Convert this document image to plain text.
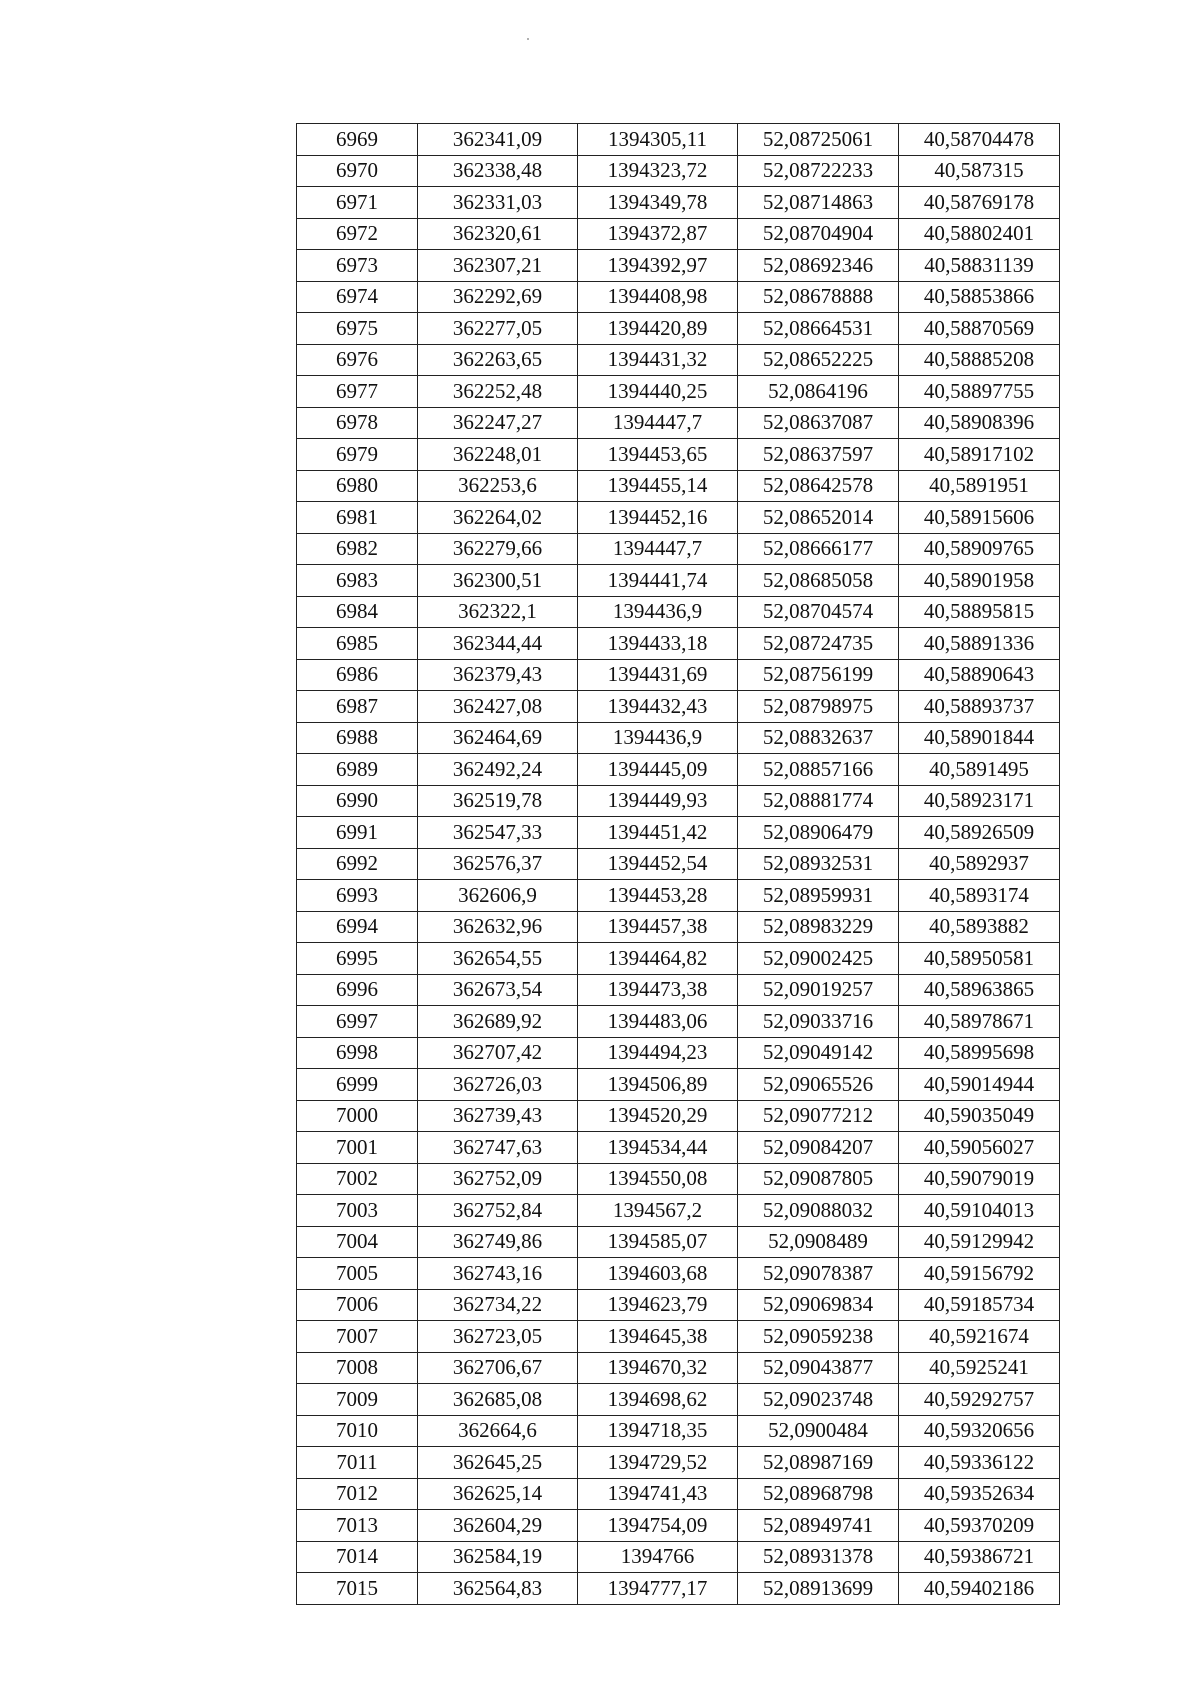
6969	362341,09	1394305,11	52,08725061	40,58704478
6970	362338,48	1394323,72	52,08722233	40,587315
6971	362331,03	1394349,78	52,08714863	40,58769178
6972	362320,61	1394372,87	52,08704904	40,58802401
6973	362307,21	1394392,97	52,08692346	40,58831139
6974	362292,69	1394408,98	52,08678888	40,58853866
6975	362277,05	1394420,89	52,08664531	40,58870569
6976	362263,65	1394431,32	52,08652225	40,58885208
6977	362252,48	1394440,25	52,0864196	40,58897755
6978	362247,27	1394447,7	52,08637087	40,58908396
6979	362248,01	1394453,65	52,08637597	40,58917102
6980	362253,6	1394455,14	52,08642578	40,5891951
6981	362264,02	1394452,16	52,08652014	40,58915606
6982	362279,66	1394447,7	52,08666177	40,58909765
6983	362300,51	1394441,74	52,08685058	40,58901958
6984	362322,1	1394436,9	52,08704574	40,58895815
6985	362344,44	1394433,18	52,08724735	40,58891336
6986	362379,43	1394431,69	52,08756199	40,58890643
6987	362427,08	1394432,43	52,08798975	40,58893737
6988	362464,69	1394436,9	52,08832637	40,58901844
6989	362492,24	1394445,09	52,08857166	40,5891495
6990	362519,78	1394449,93	52,08881774	40,58923171
6991	362547,33	1394451,42	52,08906479	40,58926509
6992	362576,37	1394452,54	52,08932531	40,5892937
6993	362606,9	1394453,28	52,08959931	40,5893174
6994	362632,96	1394457,38	52,08983229	40,5893882
6995	362654,55	1394464,82	52,09002425	40,58950581
6996	362673,54	1394473,38	52,09019257	40,58963865
6997	362689,92	1394483,06	52,09033716	40,58978671
6998	362707,42	1394494,23	52,09049142	40,58995698
6999	362726,03	1394506,89	52,09065526	40,59014944
7000	362739,43	1394520,29	52,09077212	40,59035049
7001	362747,63	1394534,44	52,09084207	40,59056027
7002	362752,09	1394550,08	52,09087805	40,59079019
7003	362752,84	1394567,2	52,09088032	40,59104013
7004	362749,86	1394585,07	52,0908489	40,59129942
7005	362743,16	1394603,68	52,09078387	40,59156792
7006	362734,22	1394623,79	52,09069834	40,59185734
7007	362723,05	1394645,38	52,09059238	40,5921674
7008	362706,67	1394670,32	52,09043877	40,5925241
7009	362685,08	1394698,62	52,09023748	40,59292757
7010	362664,6	1394718,35	52,0900484	40,59320656
7011	362645,25	1394729,52	52,08987169	40,59336122
7012	362625,14	1394741,43	52,08968798	40,59352634
7013	362604,29	1394754,09	52,08949741	40,59370209
7014	362584,19	1394766	52,08931378	40,59386721
7015	362564,83	1394777,17	52,08913699	40,59402186
